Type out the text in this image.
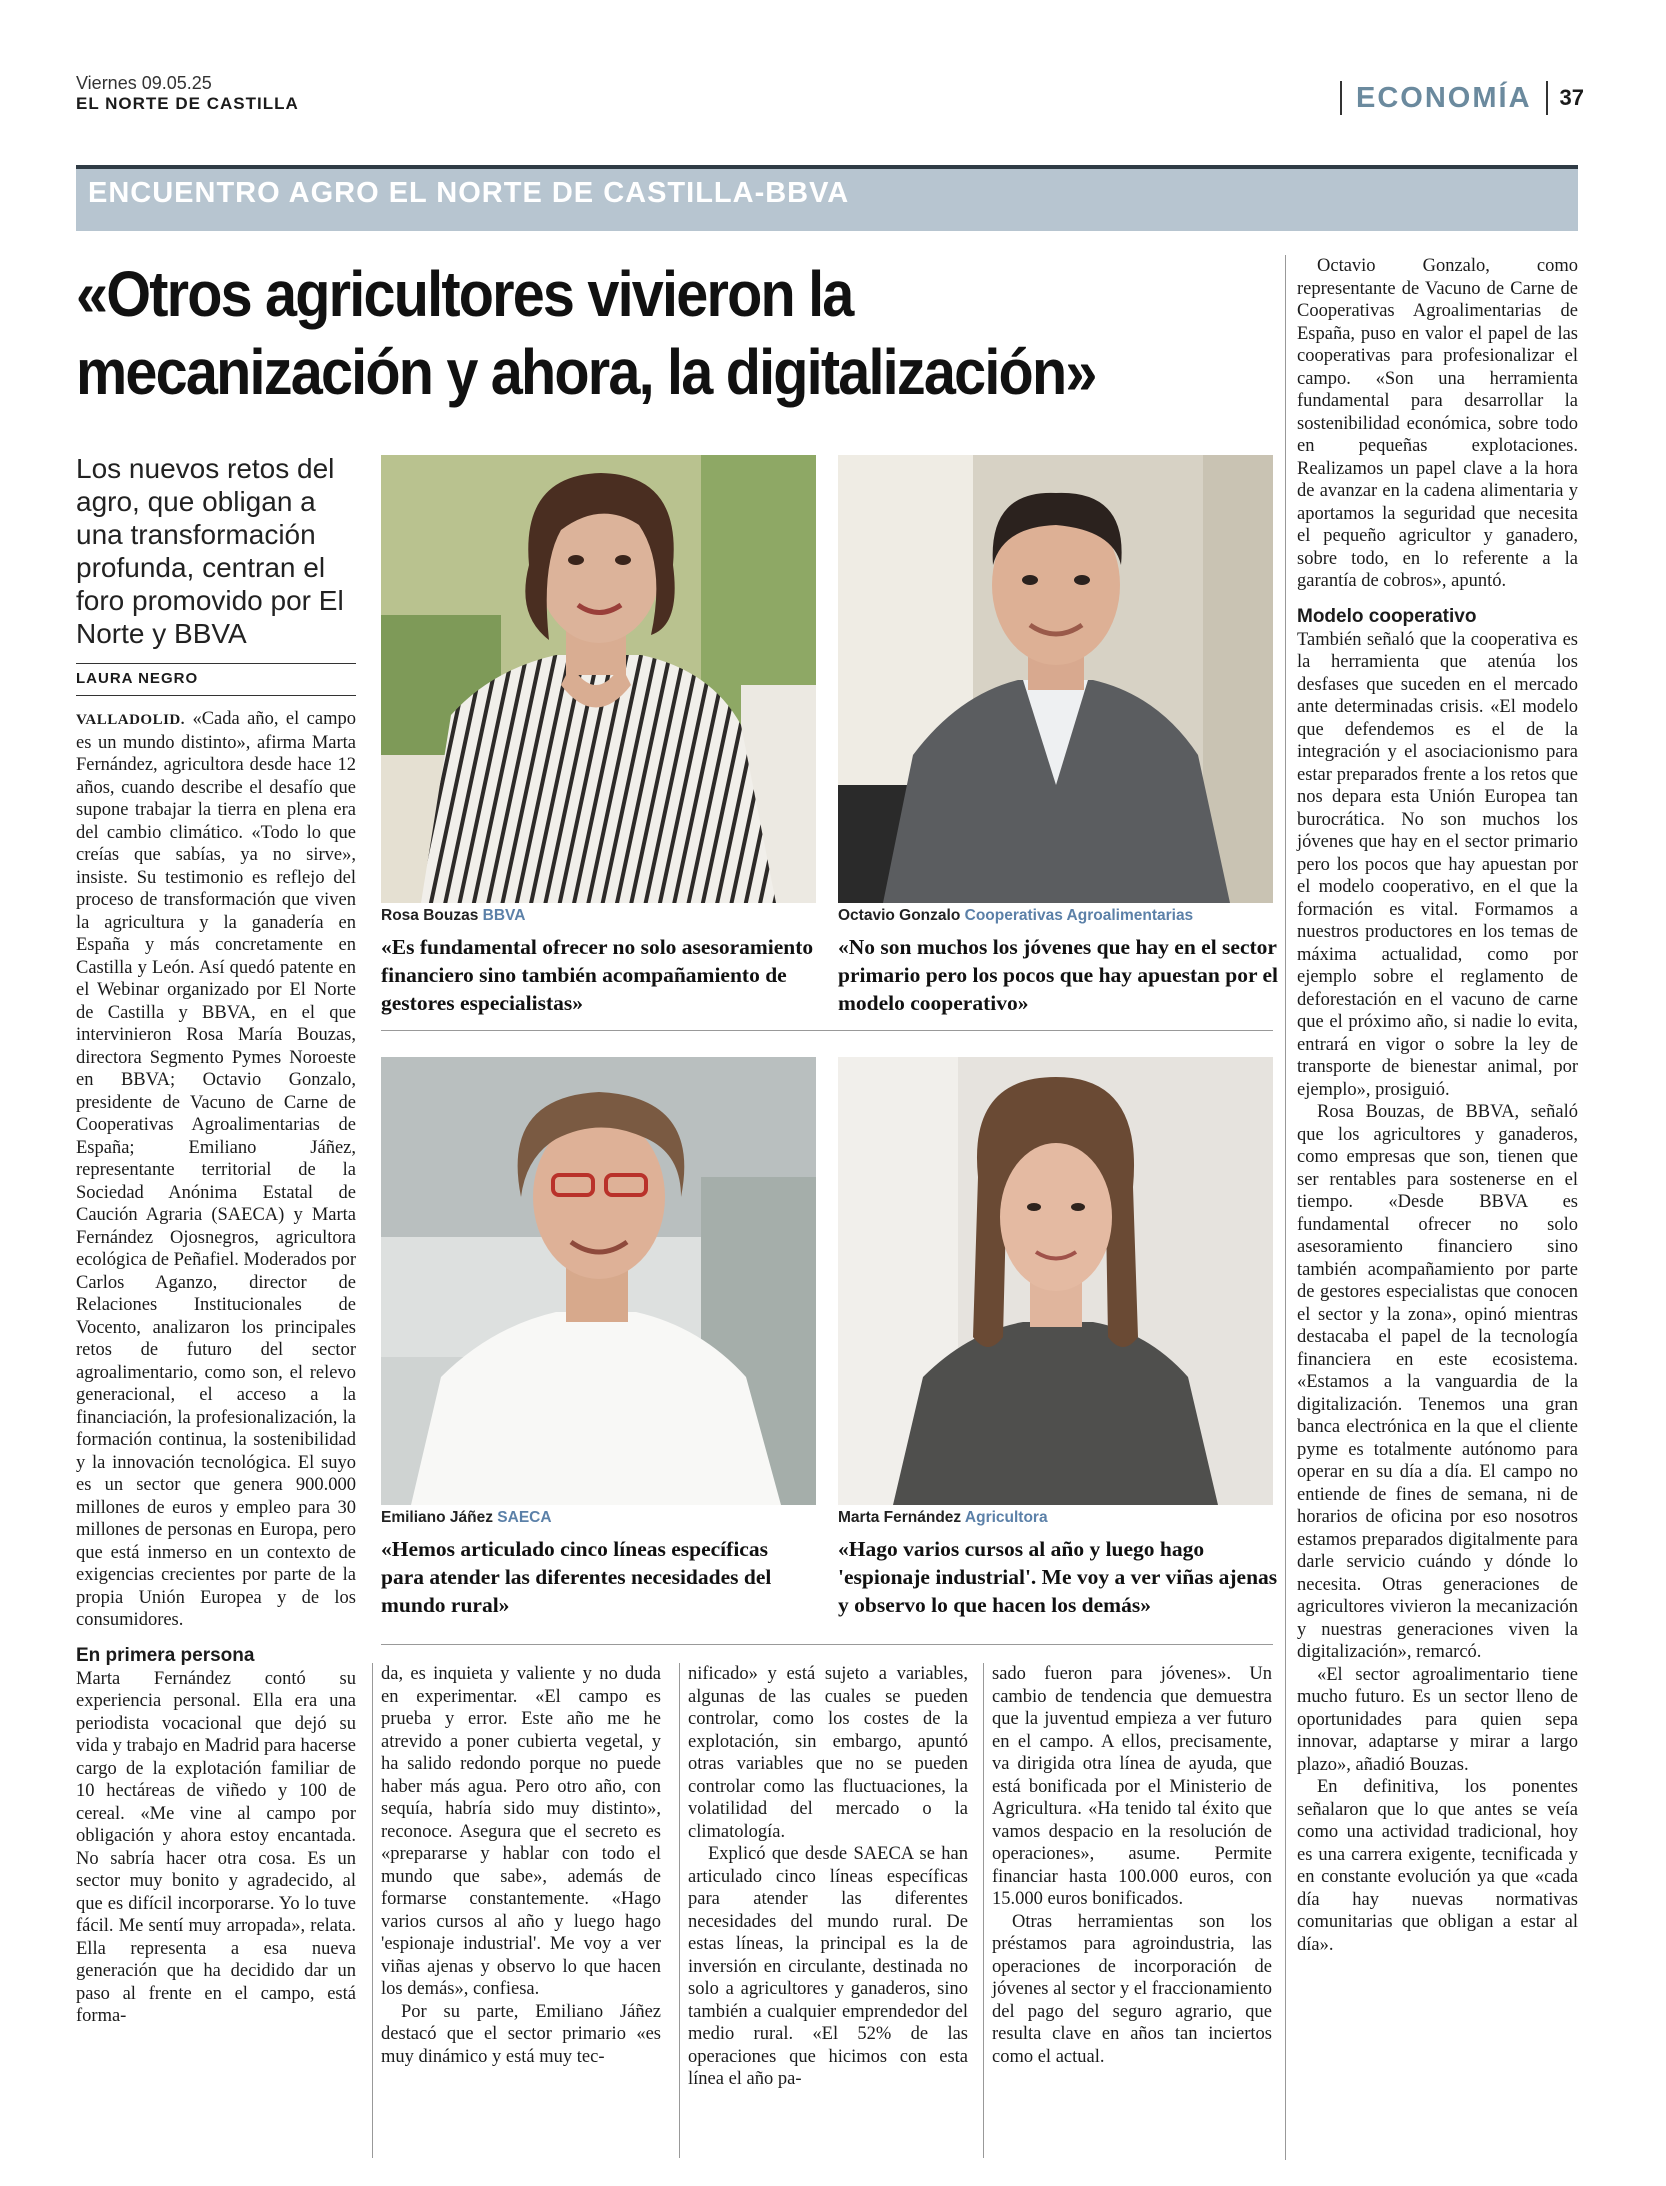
Viernes 09.05.25
EL NORTE DE CASTILLA	ECONOMÍA	37
ENCUENTRO AGRO EL NORTE DE CASTILLA-BBVA
«Otros agricultores vivieron la
mecanización y ahora, la digitalización»
Los nuevos retos del agro, que obligan a una transformación profunda, centran el foro promovido por El Norte y BBVA
LAURA NEGRO

VALLADOLID. «Cada año, el campo es un mundo distinto», afirma Marta Fernández, agricultora desde hace 12 años, cuando describe el desafío que supone trabajar la tierra en plena era del cambio climático. «Todo lo que creías que sabías, ya no sirve», insiste. Su testimonio es reflejo del proceso de transformación que viven la agricultura y la ganadería en España y más concretamente en Castilla y León. Así quedó patente en el Webinar organizado por El Norte de Castilla y BBVA, en el que intervinieron Rosa María Bouzas, directora Segmento Pymes Noroeste en BBVA; Octavio Gonzalo, presidente de Vacuno de Carne de Cooperativas Agroalimentarias de España; Emiliano Jáñez, representante territorial de la Sociedad Anónima Estatal de Caución Agraria (SAECA) y Marta Fernández Ojosnegros, agricultora ecológica de Peñafiel. Moderados por Carlos Aganzo, director de Relaciones Institucionales de Vocento, analizaron los principales retos de futuro del sector agroalimentario, como son, el relevo generacional, el acceso a la financiación, la profesionalización, la formación continua, la sostenibilidad y la innovación tecnológica. El suyo es un sector que genera 900.000 millones de euros y empleo para 30 millones de personas en Europa, pero que está inmerso en un contexto de exigencias crecientes por parte de la propia Unión Europea y de los consumidores.

En primera persona

Marta Fernández contó su experiencia personal. Ella era una periodista vocacional que dejó su vida y trabajo en Madrid para hacerse cargo de la explotación familiar de 10 hectáreas de viñedo y 100 de cereal. «Me vine al campo por obligación y ahora estoy encantada. No sabría hacer otra cosa. Es un sector muy bonito y agradecido, al que es difícil incorporarse. Yo lo tuve fácil. Me sentí muy arropada», relata. Ella representa a esa nueva generación que ha decidido dar un paso al frente en el campo, está forma-

da, es inquieta y valiente y no duda en experimentar. «El campo es prueba y error. Este año me he atrevido a poner cubierta vegetal, y ha salido redondo porque no puede haber más agua. Pero otro año, con sequía, habría sido muy distinto», reconoce. Asegura que el secreto es «prepararse y hablar con todo el mundo que sabe», además de formarse constantemente. «Hago varios cursos al año y luego hago 'espionaje industrial'. Me voy a ver viñas ajenas y observo lo que hacen los demás», confiesa.

Por su parte, Emiliano Jáñez destacó que el sector primario «es muy dinámico y está muy tec-

nificado» y está sujeto a variables, algunas de las cuales se pueden controlar, como los costes de la explotación, sin embargo, apuntó otras variables que no se pueden controlar como las fluctuaciones, la volatilidad del mercado o la climatología.

Explicó que desde SAECA se han articulado cinco líneas específicas para atender las diferentes necesidades del mundo rural. De estas líneas, la principal es la de inversión en circulante, destinada no solo a agricultores y ganaderos, sino también a cualquier emprendedor del medio rural. «El 52% de las operaciones que hicimos con esta línea el año pa-

sado fueron para jóvenes». Un cambio de tendencia que demuestra que la juventud empieza a ver futuro en el campo. A ellos, precisamente, va dirigida otra línea de ayuda, que está bonificada por el Ministerio de Agricultura. «Ha tenido tal éxito que vamos despacio en la resolución de operaciones», asume. Permite financiar hasta 100.000 euros, con 15.000 euros bonificados.

Otras herramientas son los préstamos para agroindustria, las operaciones de incorporación de jóvenes al sector y el fraccionamiento del pago del seguro agrario, que resulta clave en años tan inciertos como el actual.

Octavio Gonzalo, como representante de Vacuno de Carne de Cooperativas Agroalimentarias de España, puso en valor el papel de las cooperativas para profesionalizar el campo. «Son una herramienta fundamental para desarrollar la sostenibilidad económica, sobre todo en pequeñas explotaciones. Realizamos un papel clave a la hora de avanzar en la cadena alimentaria y aportamos la seguridad que necesita el pequeño agricultor y ganadero, sobre todo, en lo referente a la garantía de cobros», apuntó.

Modelo cooperativo

También señaló que la cooperativa es la herramienta que atenúa los desfases que suceden en el mercado ante determinadas crisis. «El modelo que defendemos es el de la integración y el asociacionismo para estar preparados frente a los retos que nos depara esta Unión Europea tan burocrática. No son muchos los jóvenes que hay en el sector primario pero los pocos que hay apuestan por el modelo cooperativo, en el que la formación es vital. Formamos a nuestros productores en los temas de máxima actualidad, como por ejemplo sobre el reglamento de deforestación en el vacuno de carne que el próximo año, si nadie lo evita, entrará en vigor o sobre la ley de transporte de bienestar animal, por ejemplo», prosiguió.

Rosa Bouzas, de BBVA, señaló que los agricultores y ganaderos, como empresas que son, tienen que ser rentables para sostenerse en el tiempo. «Desde BBVA es fundamental ofrecer no solo asesoramiento financiero sino también acompañamiento por parte de gestores especialistas que conocen el sector y la zona», opinó mientras destacaba el papel de la tecnología financiera en este ecosistema. «Estamos a la vanguardia de la digitalización. Tenemos una gran banca electrónica en la que el cliente pyme es totalmente autónomo para operar en su día a día. El campo no entiende de fines de semana, ni de horarios de oficina por eso nosotros estamos preparados digitalmente para darle servicio cuándo y dónde lo necesita. Otras generaciones de agricultores vivieron la mecanización y nuestras generaciones viven la digitalización», remarcó.

«El sector agroalimentario tiene mucho futuro. Es un sector lleno de oportunidades para quien sepa innovar, adaptarse y mirar a largo plazo», añadió Bouzas.

En definitiva, los ponentes señalaron que lo que antes se veía como una actividad tradicional, hoy es una carrera exigente, tecnificada y en constante evolución ya que «cada día hay nuevas normativas comunitarias que obligan a estar al día».

Rosa Bouzas BBVA
«Es fundamental ofrecer no solo asesoramiento financiero sino también acompañamiento de gestores especialistas»
Octavio Gonzalo Cooperativas Agroalimentarias
«No son muchos los jóvenes que hay en el sector primario pero los pocos que hay apuestan por el modelo cooperativo»
Emiliano Jáñez SAECA
«Hemos articulado cinco líneas específicas para atender las diferentes necesidades del mundo rural»
Marta Fernández Agricultora
«Hago varios cursos al año y luego hago 'espionaje industrial'. Me voy a ver viñas ajenas y observo lo que hacen los demás»
